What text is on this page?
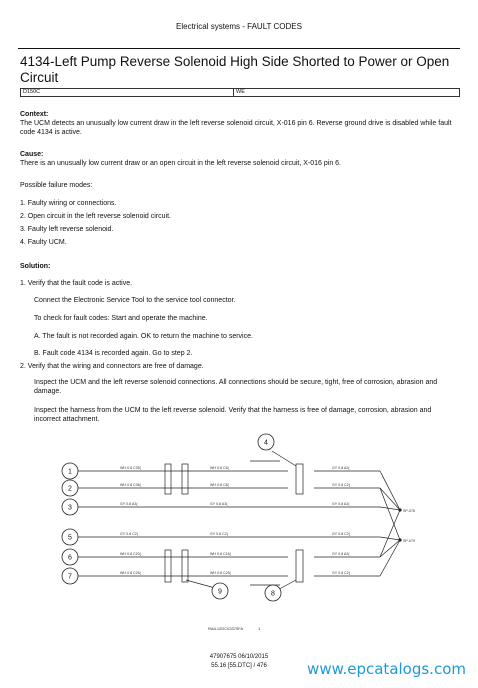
Electrical systems - FAULT CODES
4134-Left Pump Reverse Solenoid High Side Shorted to Power or Open Circuit
D150C	WE
Context:
The UCM detects an unusually low current draw in the left reverse solenoid circuit, X-016 pin 6. Reverse ground drive is disabled while fault code 4134 is active.
Cause:
There is an unusually low current draw or an open circuit in the left reverse solenoid circuit, X-016 pin 6.
Possible failure modes:
1. Faulty wiring or connections.
2. Open circuit in the left reverse solenoid circuit.
3. Faulty left reverse solenoid.
4. Faulty UCM.
Solution:
1. Verify that the fault code is active.
Connect the Electronic Service Tool to the service tool connector.
To check for fault codes: Start and operate the machine.
A. The fault is not recorded again. OK to return the machine to service.
B. Fault code 4134 is recorded again. Go to step 2.
2. Verify that the wiring and connectors are free of damage.
Inspect the UCM and the left reverse solenoid connections. All connections should be secure, tight, free of corrosion, abrasion and damage.
Inspect the harness from the UCM to the left reverse solenoid. Verify that the harness is free of damage, corrosion, abrasion and incorrect attachment.
1
2
3
4
5
6
7
8
9
WH 0.8 C35(
WH 0.8 C36(
GY 0.8 A3(
GY 0.8 C2(
WH 0.8 C20(
WH 0.8 C25(
WH 0.8 C6(
WH 0.8 C8(
GY 0.8 A3(
GY 0.8 C2(
WH 0.8 C16(
WH 0.8 C25(
GY 0.8 A2(
GY 0.8 C2(
GY 0.8 A2(
GY 0.8 C2(
GY 0.8 A2(
GY 0.8 C2(
SP-076
SP-079
RAIL12DC03370FA	1
47907675 06/10/2015
55.16 [55.DTC] / 476	www.epcatalogs.com
